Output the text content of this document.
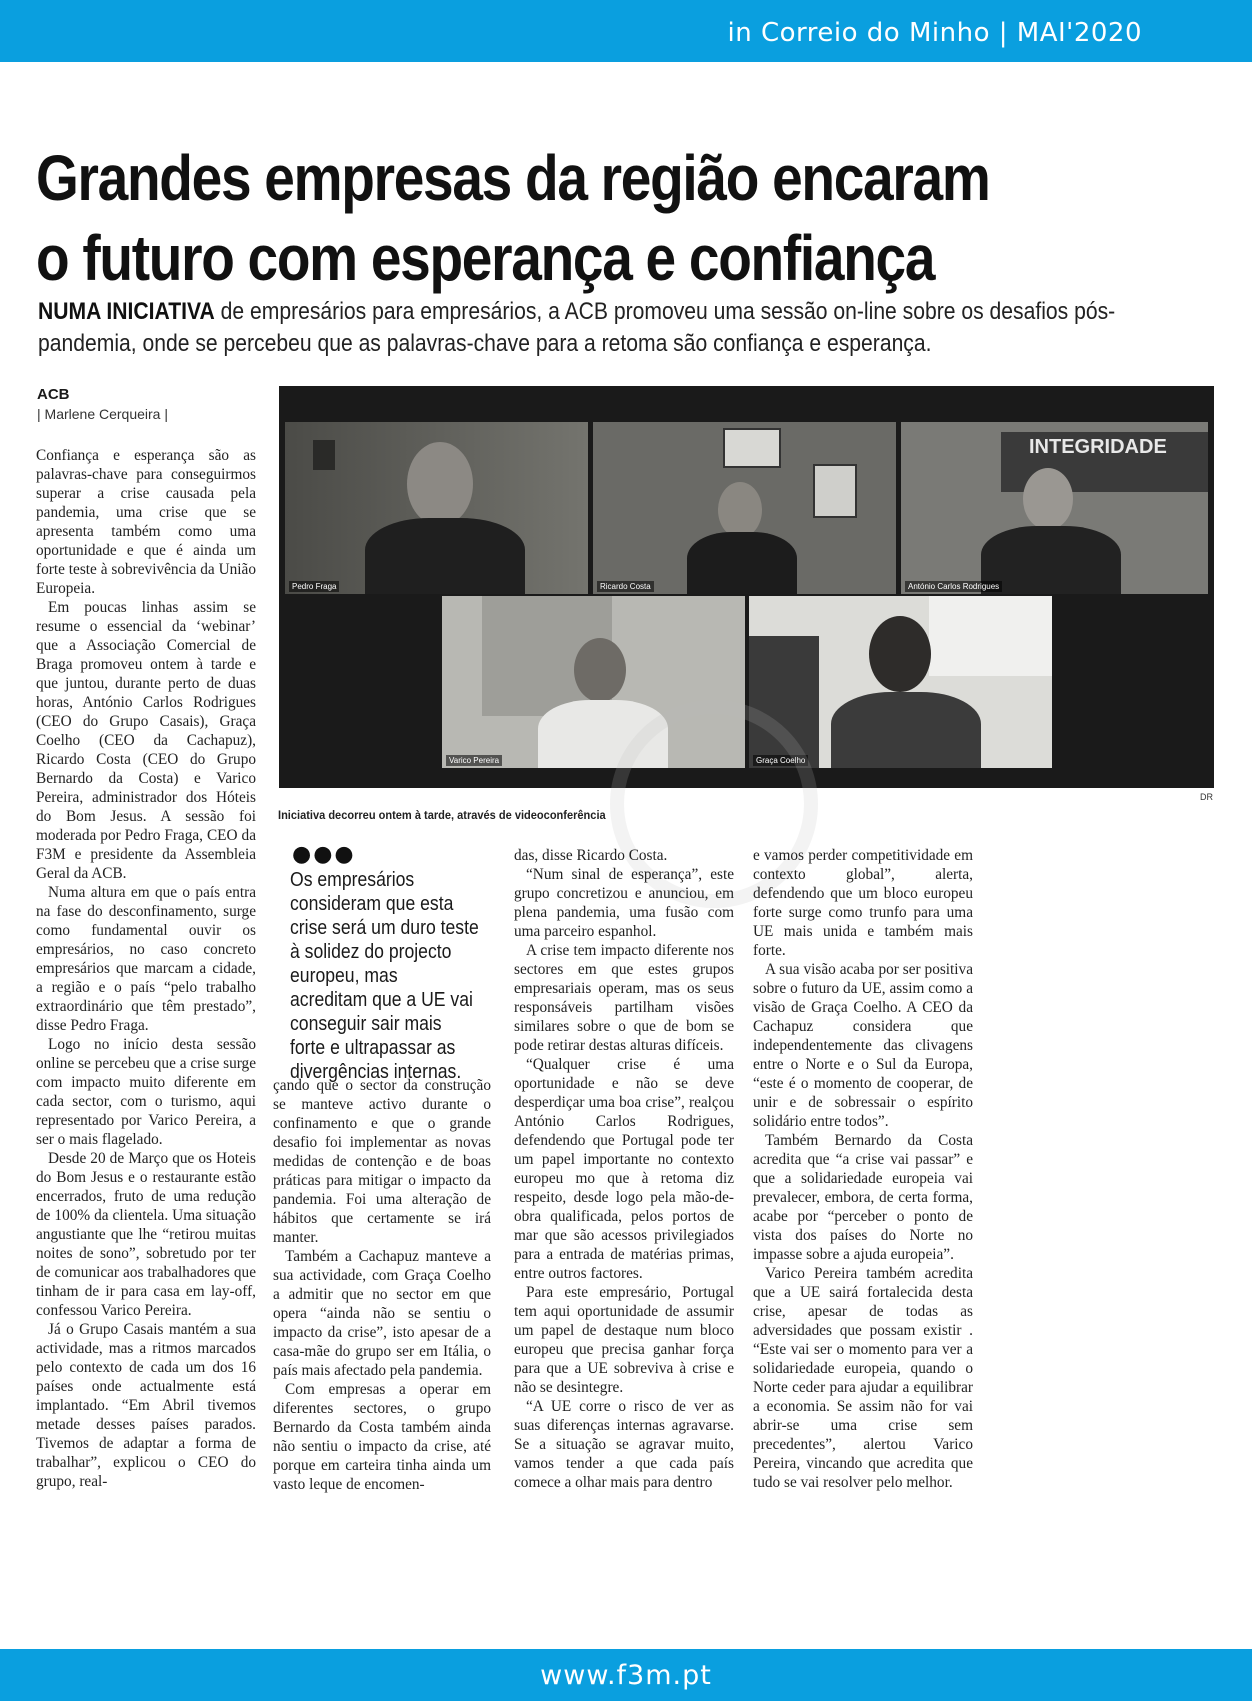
in Correio do Minho | MAI'2020
Grandes empresas da região encaram
o futuro com esperança e confiança
NUMA INICIATIVA de empresários para empresários, a ACB promoveu uma sessão on-line sobre os desafios pós-pandemia, onde se percebeu que as palavras-chave para a retoma são confiança e esperança.
ACB
| Marlene Cerqueira |
Pedro Fraga	Ricardo Costa
INTEGRIDADE
António Carlos Rodrigues
Varico Pereira	Graça Coelho
DR
Iniciativa decorreu ontem à tarde, através de videoconferência

Confiança e esperança são as palavras-chave para conseguirmos superar a crise causada pela pandemia, uma crise que se apresenta também como uma oportunidade e que é ainda um forte teste à sobrevivência da União Europeia.

Em poucas linhas assim se resume o essencial da ‘webinar’ que a Associação Comercial de Braga promoveu ontem à tarde e que juntou, durante perto de duas horas, António Carlos Rodrigues (CEO do Grupo Casais), Graça Coelho (CEO da Cachapuz), Ricardo Costa (CEO do Grupo Bernardo da Costa) e Varico Pereira, administrador dos Hóteis do Bom Jesus. A sessão foi moderada por Pedro Fraga, CEO da F3M e presidente da Assembleia Geral da ACB.

Numa altura em que o país entra na fase do desconfinamento, surge como fundamental ouvir os empresários, no caso concreto empresários que marcam a cidade, a região e o país “pelo trabalho extraordinário que têm prestado”, disse Pedro Fraga.

Logo no início desta sessão online se percebeu que a crise surge com impacto muito diferente em cada sector, com o turismo, aqui representado por Varico Pereira, a ser o mais flagelado.

Desde 20 de Março que os Hoteis do Bom Jesus e o restaurante estão encerrados, fruto de uma redução de 100% da clientela. Uma situação angustiante que lhe “retirou muitas noites de sono”, sobretudo por ter de comunicar aos trabalhadores que tinham de ir para casa em lay-off, confessou Varico Pereira.

Já o Grupo Casais mantém a sua actividade, mas a ritmos marcados pelo contexto de cada um dos 16 países onde actualmente está implantado. “Em Abril tivemos metade desses países parados. Tivemos de adaptar a forma de trabalhar”, explicou o CEO do grupo, real-

●●●
Os empresários consideram que esta crise será um duro teste à solidez do projecto europeu, mas acreditam que a UE vai conseguir sair mais forte e ultrapassar as divergências internas.

çando que o sector da construção se manteve activo durante o confinamento e que o grande desafio foi implementar as novas medidas de contenção e de boas práticas para mitigar o impacto da pandemia. Foi uma alteração de hábitos que certamente se irá manter.

Também a Cachapuz manteve a sua actividade, com Graça Coelho a admitir que no sector em que opera “ainda não se sentiu o impacto da crise”, isto apesar de a casa-mãe do grupo ser em Itália, o país mais afectado pela pandemia.

Com empresas a operar em diferentes sectores, o grupo Bernardo da Costa também ainda não sentiu o impacto da crise, até porque em carteira tinha ainda um vasto leque de encomen-

das, disse Ricardo Costa.

“Num sinal de esperança”, este grupo concretizou e anunciou, em plena pandemia, uma fusão com uma parceiro espanhol.

A crise tem impacto diferente nos sectores em que estes grupos empresariais operam, mas os seus responsáveis partilham visões similares sobre o que de bom se pode retirar destas alturas difíceis.

“Qualquer crise é uma oportunidade e não se deve desperdiçar uma boa crise”, realçou António Carlos Rodrigues, defendendo que Portugal pode ter um papel importante no contexto europeu mo que à retoma diz respeito, desde logo pela mão-de-obra qualificada, pelos portos de mar que são acessos privilegiados para a entrada de matérias primas, entre outros factores.

Para este empresário, Portugal tem aqui oportunidade de assumir um papel de destaque num bloco europeu que precisa ganhar força para que a UE sobreviva à crise e não se desintegre.

“A UE corre o risco de ver as suas diferenças internas agravarse. Se a situação se agravar muito, vamos tender a que cada país comece a olhar mais para dentro

e vamos perder competitividade em contexto global”, alerta, defendendo que um bloco europeu forte surge como trunfo para uma UE mais unida e também mais forte.

A sua visão acaba por ser positiva sobre o futuro da UE, assim como a visão de Graça Coelho. A CEO da Cachapuz considera que independentemente das clivagens entre o Norte e o Sul da Europa, “este é o momento de cooperar, de unir e de sobressair o espírito solidário entre todos”.

Também Bernardo da Costa acredita que “a crise vai passar” e que a solidariedade europeia vai prevalecer, embora, de certa forma, acabe por “perceber o ponto de vista dos países do Norte no impasse sobre a ajuda europeia”.

Varico Pereira também acredita que a UE sairá fortalecida desta crise, apesar de todas as adversidades que possam existir . “Este vai ser o momento para ver a solidariedade europeia, quando o Norte ceder para ajudar a equilibrar a economia. Se assim não for vai abrir-se uma crise sem precedentes”, alertou Varico Pereira, vincando que acredita que tudo se vai resolver pelo melhor.

www.f3m.pt
